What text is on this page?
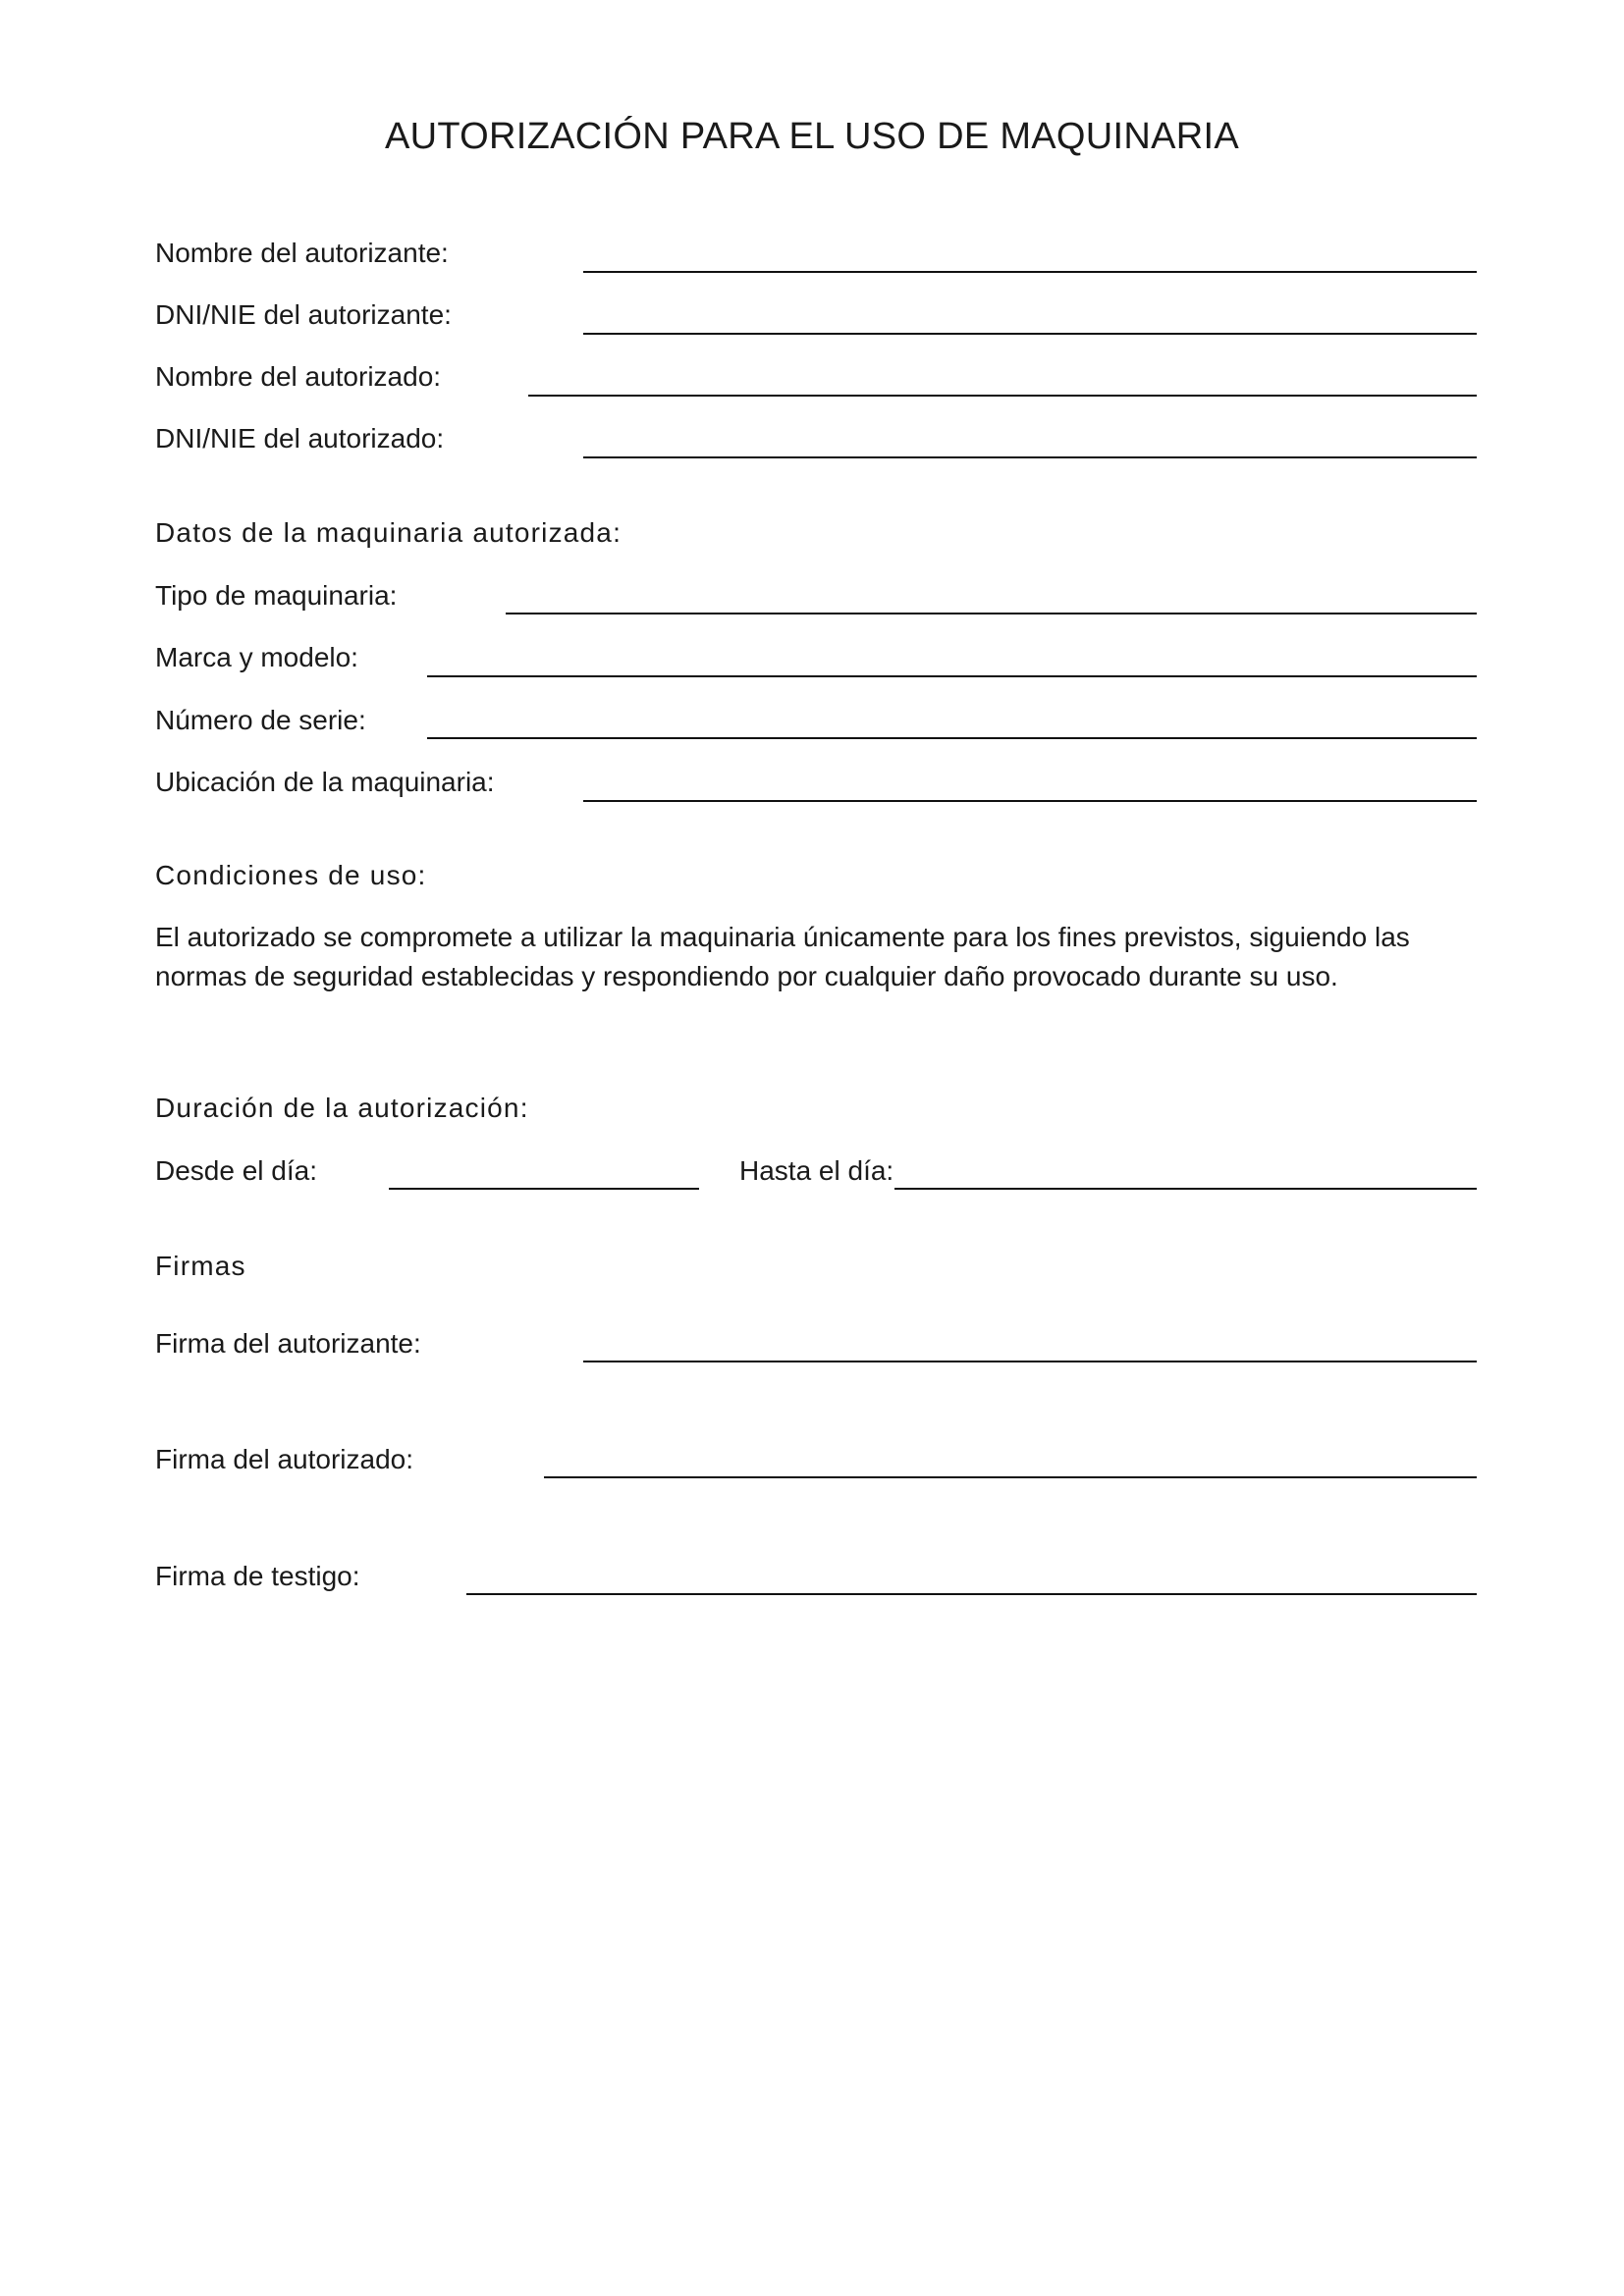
AUTORIZACIÓN PARA EL USO DE MAQUINARIA
Nombre del autorizante:
DNI/NIE del autorizante:
Nombre del autorizado:
DNI/NIE del autorizado:
Datos de la maquinaria autorizada:
Tipo de maquinaria:
Marca y modelo:
Número de serie:
Ubicación de la maquinaria:
Condiciones de uso:

El autorizado se compromete a utilizar la maquinaria únicamente para los fines previstos, siguiendo las normas de seguridad establecidas y respondiendo por cualquier daño provocado durante su uso.

Duración de la autorización:
Desde el día:	Hasta el día:
Firmas
Firma del autorizante:
Firma del autorizado:
Firma de testigo:
